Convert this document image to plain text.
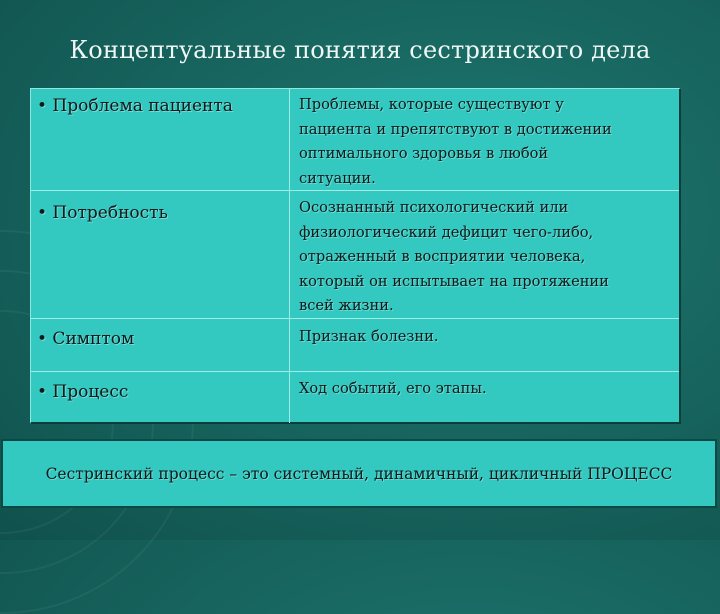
Концептуальные понятия сестринского дела
• Проблема пациента	Проблемы, которые существуют у
пациента и препятствуют в достижении
оптимального здоровья в любой
ситуации.
• Потребность	Осознанный психологический или
физиологический дефицит чего-либо,
отраженный в восприятии человека,
который он испытывает на протяжении
всей жизни.
• Симптом	Признак болезни.
• Процесс	Ход событий, его этапы.
Сестринский процесс – это системный, динамичный, цикличный ПРОЦЕСС
